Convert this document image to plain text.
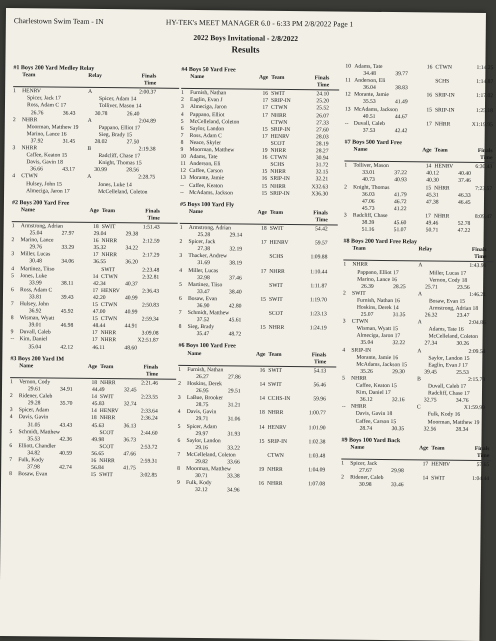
Charlestown Swim Team - IN	HY-TEK's MEET MANAGER 6.0 - 6:33 PM 2/8/2022 Page 1
2022 Boys Invitational - 2/8/2022
Results
#1 Boys 200 Yard Medley Relay
Team	Relay	Finals Time
1	HENRV	A	2:00.37
Spicer, Jack 17	Spicer, Adam 14
Ross, Adam C 17	Tolliver, Mason 14
26.76	36.43	30.78	26.40
2	NHRR	A	2:04.89
Moorman, Matthew 19	Pappano, Elliot 17
Marino, Lance 16	Sieg, Brady 15
37.92	31.45	28.02	27.50
3	NHRR	B	2:19.38
Caffee, Keaton 15	Radcliff, Chase 17
Davis, Gavin 18	Knight, Thomas 15
36.66	43.17	30.99	28.56
4	CTWN	A	2:28.75
Hulsey, John 15	Jones, Luke 14
Almeciga, Jaron 17	McCelleland, Coleton
#2 Boys 200 Yard Free
Name	Age Team	Finals Time
1	Armstrong, Adrian	18 SWIT	1:51.43
25.04	27.97	29.04	29.38
2	Marino, Lance	16 NHRR	2:12.59
29.76	33.29	35.32	34.22
3	Miller, Lucas	17 NHRR	2:17.29
30.48	34.06	36.55	36.20
4	Martinez, Tiiso	SWIT	2:23.48
5	Jones, Luke	14 CTWN	2:32.81
33.99	38.11	42.34	40.37
6	Ross, Adam C	17 HENRV	2:36.43
33.81	39.43	42.20	40.99
7	Hulsey, John	15 CTWN	2:50.83
36.92	45.92	47.00	40.99
8	Wisman, Wyatt	15 CTWN	2:59.34
39.01	46.98	48.44	44.91
9	Duvall, Caleb	17 NHRR	3:09.08
-- Kim, Daniel	17 NHRR	X2:51.87
35.04	42.12	46.11	48.60
#3 Boys 200 Yard IM
Name	Age Team	Finals Time
1	Vernon, Cody	18 NHRR	2:21.46
29.61	34.91	44.49	32.45
2	Ridener, Caleb	14 SWIT	2:23.55
29.28	35.70	45.83	32.74
3	Spicer, Adam	14 HENRV	2:33.64
4	Davis, Gavin	18 NHRR	2:36.24
31.05	43.43	45.63	36.13
5	Schmidt, Matthew	SCOT	2:44.60
35.53	42.36	49.98	36.73
6	Elliott, Chandler	SCOT	2:53.72
34.82	40.59	56.65	47.66
7	Fulk, Kody	16 NHRR	2:59.31
37.98	42.74	56.84	41.75
8	Bosaw, Evan	15 SWIT	3:02.85
#4 Boys 50 Yard Free
Name	Age Team	Finals Time
1	Furnish, Nathan	16 SWIT	24.10
2	Eaglin, Evan J	17 SRIP-IN	25.20
3	Almeciga, Jaron	17 CTWN	25.52
4	Pappano, Elliot	17 NHRR	26.07
5	McCelleland, Coleton	CTWN	27.33
6	Saylor, Landon	15 SRIP-IN	27.60
7	Ross, Adam C	17 HENRV	28.03
8	Neace, Skyler	SCOT	28.19
9	Moorman, Matthew	19 NHRR	28.27
10 Adams, Tate	16 CTWN	30.94
11 Anderson, Eli	SCHS	31.72
12 Caffee, Carson	15 NHRR	32.15
13 Morante, Jamie	16 SRIP-IN	32.21
-- Caffee, Keaton	15 NHRR	X32.63
-- McAdams, Jackson	15 SRIP-IN	X36.30
#5 Boys 100 Yard Fly
Name	Age Team	Finals Time
1	Armstrong, Adrian	18 SWIT	54.42
25.28	29.14
2	Spicer, Jack	17 HENRV	59.57
27.38	32.19
3	Thacker, Andrew	SCHS	1:09.88
31.69	38.19
4	Miller, Lucas	17 NHRR	1:10.44
32.98	37.46
5	Martinez, Tiiso	SWIT	1:11.87
33.47	38.40
6	Bosaw, Evan	15 SWIT	1:19.70
36.90	42.80
7	Schmidt, Matthew	SCOT	1:23.13
37.52	45.61
8	Sieg, Brady	15 NHRR	1:24.19
35.47	48.72
#6 Boys 100 Yard Free
Name	Age Team	Finals Time
1	Furnish, Nathan	16 SWIT	54.13
26.27	27.86
2	Hoskins, Derek	14 SWIT	56.46
26.95	29.51
3	LaBue, Brooker	14 CCHS-IN	59.96
28.75	31.21
4	Davis, Gavin	18 NHRR	1:00.77
29.71	31.06
5	Spicer, Adam	14 HENRV	1:01.90
29.97	31.93
6	Saylor, Landon	15 SRIP-IN	1:02.38
29.16	33.22
7	McCelleland, Coleton	CTWN	1:03.48
29.82	33.66
8	Moorman, Matthew	19 NHRR	1:04.09
30.71	33.38
9	Fulk, Kody	16 NHRR	1:07.08
32.12	34.96
10 Adams, Tate	16 CTWN	1:14.25
34.48	39.77
11 Anderson, Eli	SCHS	1:14.87
36.04	38.83
12 Morante, Jamie	16 SRIP-IN	1:17.02
35.53	41.49
13 McAdams, Jackson	15 SRIP-IN	1:25.18
40.51	44.67
-- Duvall, Caleb	17 NHRR	X1:19.95
37.53	42.42
#7 Boys 500 Yard Free
Name	Age Team	Finals Time
1	Tolliver, Mason	14 HENRV	6:30.43
33.01	37.22	40.12	40.40
40.73	40.93	40.30	37.46
2	Knight, Thomas	15 NHRR	7:23.57
36.03	41.79	45.31	46.33
47.06	46.72	47.38	46.45
45.73	41.22
3	Radcliff, Chase	17 NHRR	8:09.47
38.39	45.60	49.46	52.78
51.16	51.07	50.71	47.22
#8 Boys 200 Yard Free Relay
Team	Relay	Finals Time
1	NHRR	A	1:43.91
Pappano, Elliot 17	Miller, Lucas 17
Marino, Lance 16	Vernon, Cody 18
26.39	28.25	25.71	23.56
2	SWIT	A	1:46.21
Furnish, Nathan 16	Bosaw, Evan 15
Hoskins, Derek 14	Armstrong, Adrian 18
25.07	31.35	26.32	23.47
3	CTWN	A	2:04.86
Wisman, Wyatt 15	Adams, Tate 16
Almeciga, Jaron 17	McCelleland, Coleton
35.04	32.22	27.34	30.26
4	SRIP-IN	A	2:09.54
Morante, Jamie 16	Saylor, Landon 15
McAdams, Jackson 15	Eaglin, Evan J 17
35.26	29.30	39.45	25.53
5	NHRR	B	2:15.79
Caffee, Keaton 15	Duvall, Caleb 17
Kim, Daniel 17	Radcliff, Chase 17
36.12	32.16	32.75	34.76
-- NHRR	C	X1:59.99
Davis, Gavin 18	Fulk, Kody 16
Caffee, Carson 15	Moorman, Matthew 19
28.74	30.35	32.56	28.34
#9 Boys 100 Yard Back
Name	Age Team	Finals Time
1	Spicer, Jack	17 HENRV	57.65
27.67	29.98
2	Ridener, Caleb	14 SWIT	1:04.44
30.98	33.46
